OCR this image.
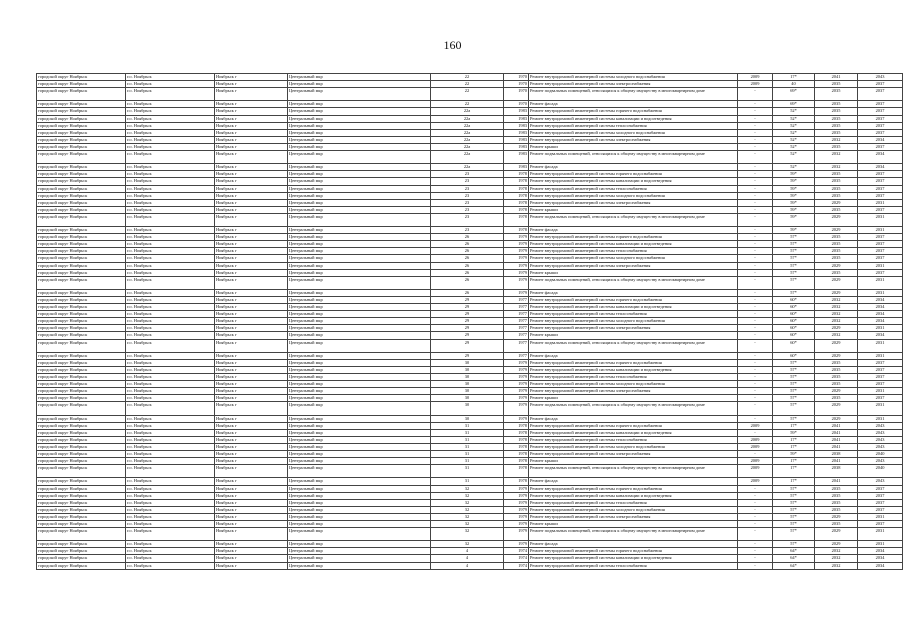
160
городской округ Ноябрьск	г.о. Ноябрьск	Ноябрьск г	Центральный мкр	22	1970	Ремонт внутридомовой инженерной системы холодного водоснабжения	2009	17*	2041	2043
городской округ Ноябрьск	г.о. Ноябрьск	Ноябрьск г	Центральный мкр	22	1970	Ремонт внутридомовой инженерной системы электроснабжения	2009	40	2035	2037
городской округ Ноябрьск	г.о. Ноябрьск	Ноябрьск г	Центральный мкр	22	1970	Ремонт подвальных помещений, относящихся к общему имуществу в многоквартирном доме	-	69*	2035	2037
городской округ Ноябрьск	г.о. Ноябрьск	Ноябрьск г	Центральный мкр	22	1970	Ремонт фасада	-	69*	2035	2037
городской округ Ноябрьск	г.о. Ноябрьск	Ноябрьск г	Центральный мкр	22а	1983	Ремонт внутридомовой инженерной системы горячего водоснабжения	-	52*	2035	2037
городской округ Ноябрьск	г.о. Ноябрьск	Ноябрьск г	Центральный мкр	22а	1983	Ремонт внутридомовой инженерной системы канализации и водоотведения	-	52*	2035	2037
городской округ Ноябрьск	г.о. Ноябрьск	Ноябрьск г	Центральный мкр	22а	1983	Ремонт внутридомовой инженерной системы теплоснабжения	-	52*	2035	2037
городской округ Ноябрьск	г.о. Ноябрьск	Ноябрьск г	Центральный мкр	22а	1983	Ремонт внутридомовой инженерной системы холодного водоснабжения	-	52*	2035	2037
городской округ Ноябрьск	г.о. Ноябрьск	Ноябрьск г	Центральный мкр	22а	1983	Ремонт внутридомовой инженерной системы электроснабжения	-	52*	2032	2034
городской округ Ноябрьск	г.о. Ноябрьск	Ноябрьск г	Центральный мкр	22а	1983	Ремонт крыши	-	52*	2035	2037
городской округ Ноябрьск	г.о. Ноябрьск	Ноябрьск г	Центральный мкр	22а	1983	Ремонт подвальных помещений, относящихся к общему имуществу в многоквартирном доме	-	52*	2032	2034
городской округ Ноябрьск	г.о. Ноябрьск	Ноябрьск г	Центральный мкр	22а	1983	Ремонт фасада	-	52*	2032	2034
городской округ Ноябрьск	г.о. Ноябрьск	Ноябрьск г	Центральный мкр	23	1978	Ремонт внутридомовой инженерной системы горячего водоснабжения	-	59*	2035	2037
городской округ Ноябрьск	г.о. Ноябрьск	Ноябрьск г	Центральный мкр	23	1978	Ремонт внутридомовой инженерной системы канализации и водоотведения	-	59*	2035	2037
городской округ Ноябрьск	г.о. Ноябрьск	Ноябрьск г	Центральный мкр	23	1978	Ремонт внутридомовой инженерной системы теплоснабжения	-	59*	2035	2037
городской округ Ноябрьск	г.о. Ноябрьск	Ноябрьск г	Центральный мкр	23	1978	Ремонт внутридомовой инженерной системы холодного водоснабжения	-	59*	2035	2037
городской округ Ноябрьск	г.о. Ноябрьск	Ноябрьск г	Центральный мкр	23	1978	Ремонт внутридомовой инженерной системы электроснабжения	-	59*	2029	2031
городской округ Ноябрьск	г.о. Ноябрьск	Ноябрьск г	Центральный мкр	23	1978	Ремонт крыши	-	59*	2035	2037
городской округ Ноябрьск	г.о. Ноябрьск	Ноябрьск г	Центральный мкр	23	1978	Ремонт подвальных помещений, относящихся к общему имуществу в многоквартирном доме	-	59*	2029	2031
городской округ Ноябрьск	г.о. Ноябрьск	Ноябрьск г	Центральный мкр	23	1978	Ремонт фасада	-	59*	2029	2031
городской округ Ноябрьск	г.о. Ноябрьск	Ноябрьск г	Центральный мкр	26	1979	Ремонт внутридомовой инженерной системы горячего водоснабжения	-	57*	2035	2037
городской округ Ноябрьск	г.о. Ноябрьск	Ноябрьск г	Центральный мкр	26	1979	Ремонт внутридомовой инженерной системы канализации и водоотведения	-	57*	2035	2037
городской округ Ноябрьск	г.о. Ноябрьск	Ноябрьск г	Центральный мкр	26	1979	Ремонт внутридомовой инженерной системы теплоснабжения	-	57*	2035	2037
городской округ Ноябрьск	г.о. Ноябрьск	Ноябрьск г	Центральный мкр	26	1979	Ремонт внутридомовой инженерной системы холодного водоснабжения	-	57*	2035	2037
городской округ Ноябрьск	г.о. Ноябрьск	Ноябрьск г	Центральный мкр	26	1979	Ремонт внутридомовой инженерной системы электроснабжения	-	57*	2029	2031
городской округ Ноябрьск	г.о. Ноябрьск	Ноябрьск г	Центральный мкр	26	1979	Ремонт крыши	-	57*	2035	2037
городской округ Ноябрьск	г.о. Ноябрьск	Ноябрьск г	Центральный мкр	26	1979	Ремонт подвальных помещений, относящихся к общему имуществу в многоквартирном доме	-	57*	2029	2031
городской округ Ноябрьск	г.о. Ноябрьск	Ноябрьск г	Центральный мкр	26	1979	Ремонт фасада	-	57*	2029	2031
городской округ Ноябрьск	г.о. Ноябрьск	Ноябрьск г	Центральный мкр	29	1977	Ремонт внутридомовой инженерной системы горячего водоснабжения	-	60*	2032	2034
городской округ Ноябрьск	г.о. Ноябрьск	Ноябрьск г	Центральный мкр	29	1977	Ремонт внутридомовой инженерной системы канализации и водоотведения	-	60*	2032	2034
городской округ Ноябрьск	г.о. Ноябрьск	Ноябрьск г	Центральный мкр	29	1977	Ремонт внутридомовой инженерной системы теплоснабжения	-	60*	2032	2034
городской округ Ноябрьск	г.о. Ноябрьск	Ноябрьск г	Центральный мкр	29	1977	Ремонт внутридомовой инженерной системы холодного водоснабжения	-	60*	2032	2034
городской округ Ноябрьск	г.о. Ноябрьск	Ноябрьск г	Центральный мкр	29	1977	Ремонт внутридомовой инженерной системы электроснабжения	-	60*	2029	2031
городской округ Ноябрьск	г.о. Ноябрьск	Ноябрьск г	Центральный мкр	29	1977	Ремонт крыши	-	60*	2032	2034
городской округ Ноябрьск	г.о. Ноябрьск	Ноябрьск г	Центральный мкр	29	1977	Ремонт подвальных помещений, относящихся к общему имуществу в многоквартирном доме	-	60*	2029	2031
городской округ Ноябрьск	г.о. Ноябрьск	Ноябрьск г	Центральный мкр	29	1977	Ремонт фасада	-	60*	2029	2031
городской округ Ноябрьск	г.о. Ноябрьск	Ноябрьск г	Центральный мкр	30	1979	Ремонт внутридомовой инженерной системы горячего водоснабжения	-	57*	2035	2037
городской округ Ноябрьск	г.о. Ноябрьск	Ноябрьск г	Центральный мкр	30	1979	Ремонт внутридомовой инженерной системы канализации и водоотведения	-	57*	2035	2037
городской округ Ноябрьск	г.о. Ноябрьск	Ноябрьск г	Центральный мкр	30	1979	Ремонт внутридомовой инженерной системы теплоснабжения	-	57*	2035	2037
городской округ Ноябрьск	г.о. Ноябрьск	Ноябрьск г	Центральный мкр	30	1979	Ремонт внутридомовой инженерной системы холодного водоснабжения	-	57*	2035	2037
городской округ Ноябрьск	г.о. Ноябрьск	Ноябрьск г	Центральный мкр	30	1979	Ремонт внутридомовой инженерной системы электроснабжения	-	57*	2029	2031
городской округ Ноябрьск	г.о. Ноябрьск	Ноябрьск г	Центральный мкр	30	1979	Ремонт крыши	-	57*	2035	2037
городской округ Ноябрьск	г.о. Ноябрьск	Ноябрьск г	Центральный мкр	30	1979	Ремонт подвальных помещений, относящихся к общему имуществу в многоквартирном доме	-	57*	2029	2031
городской округ Ноябрьск	г.о. Ноябрьск	Ноябрьск г	Центральный мкр	30	1979	Ремонт фасада	-	57*	2029	2031
городской округ Ноябрьск	г.о. Ноябрьск	Ноябрьск г	Центральный мкр	31	1978	Ремонт внутридомовой инженерной системы горячего водоснабжения	2009	17*	2041	2043
городской округ Ноябрьск	г.о. Ноябрьск	Ноябрьск г	Центральный мкр	31	1978	Ремонт внутридомовой инженерной системы канализации и водоотведения	-	59*	2041	2043
городской округ Ноябрьск	г.о. Ноябрьск	Ноябрьск г	Центральный мкр	31	1978	Ремонт внутридомовой инженерной системы теплоснабжения	2009	17*	2041	2043
городской округ Ноябрьск	г.о. Ноябрьск	Ноябрьск г	Центральный мкр	31	1978	Ремонт внутридомовой инженерной системы холодного водоснабжения	2009	17*	2041	2043
городской округ Ноябрьск	г.о. Ноябрьск	Ноябрьск г	Центральный мкр	31	1978	Ремонт внутридомовой инженерной системы электроснабжения	-	59*	2038	2040
городской округ Ноябрьск	г.о. Ноябрьск	Ноябрьск г	Центральный мкр	31	1978	Ремонт крыши	2009	17*	2041	2043
городской округ Ноябрьск	г.о. Ноябрьск	Ноябрьск г	Центральный мкр	31	1978	Ремонт подвальных помещений, относящихся к общему имуществу в многоквартирном доме	2009	17*	2038	2040
городской округ Ноябрьск	г.о. Ноябрьск	Ноябрьск г	Центральный мкр	31	1978	Ремонт фасада	2009	17*	2041	2043
городской округ Ноябрьск	г.о. Ноябрьск	Ноябрьск г	Центральный мкр	32	1979	Ремонт внутридомовой инженерной системы горячего водоснабжения	-	57*	2035	2037
городской округ Ноябрьск	г.о. Ноябрьск	Ноябрьск г	Центральный мкр	32	1979	Ремонт внутридомовой инженерной системы канализации и водоотведения	-	57*	2035	2037
городской округ Ноябрьск	г.о. Ноябрьск	Ноябрьск г	Центральный мкр	32	1979	Ремонт внутридомовой инженерной системы теплоснабжения	-	57*	2035	2037
городской округ Ноябрьск	г.о. Ноябрьск	Ноябрьск г	Центральный мкр	32	1979	Ремонт внутридомовой инженерной системы холодного водоснабжения	-	57*	2035	2037
городской округ Ноябрьск	г.о. Ноябрьск	Ноябрьск г	Центральный мкр	32	1979	Ремонт внутридомовой инженерной системы электроснабжения	-	57*	2029	2031
городской округ Ноябрьск	г.о. Ноябрьск	Ноябрьск г	Центральный мкр	32	1979	Ремонт крыши	-	57*	2035	2037
городской округ Ноябрьск	г.о. Ноябрьск	Ноябрьск г	Центральный мкр	32	1979	Ремонт подвальных помещений, относящихся к общему имуществу в многоквартирном доме	-	57*	2029	2031
городской округ Ноябрьск	г.о. Ноябрьск	Ноябрьск г	Центральный мкр	32	1979	Ремонт фасада	-	57*	2029	2031
городской округ Ноябрьск	г.о. Ноябрьск	Ноябрьск г	Центральный мкр	4	1974	Ремонт внутридомовой инженерной системы горячего водоснабжения	-	64*	2032	2034
городской округ Ноябрьск	г.о. Ноябрьск	Ноябрьск г	Центральный мкр	4	1974	Ремонт внутридомовой инженерной системы канализации и водоотведения	-	64*	2032	2034
городской округ Ноябрьск	г.о. Ноябрьск	Ноябрьск г	Центральный мкр	4	1974	Ремонт внутридомовой инженерной системы теплоснабжения	-	64*	2032	2034
